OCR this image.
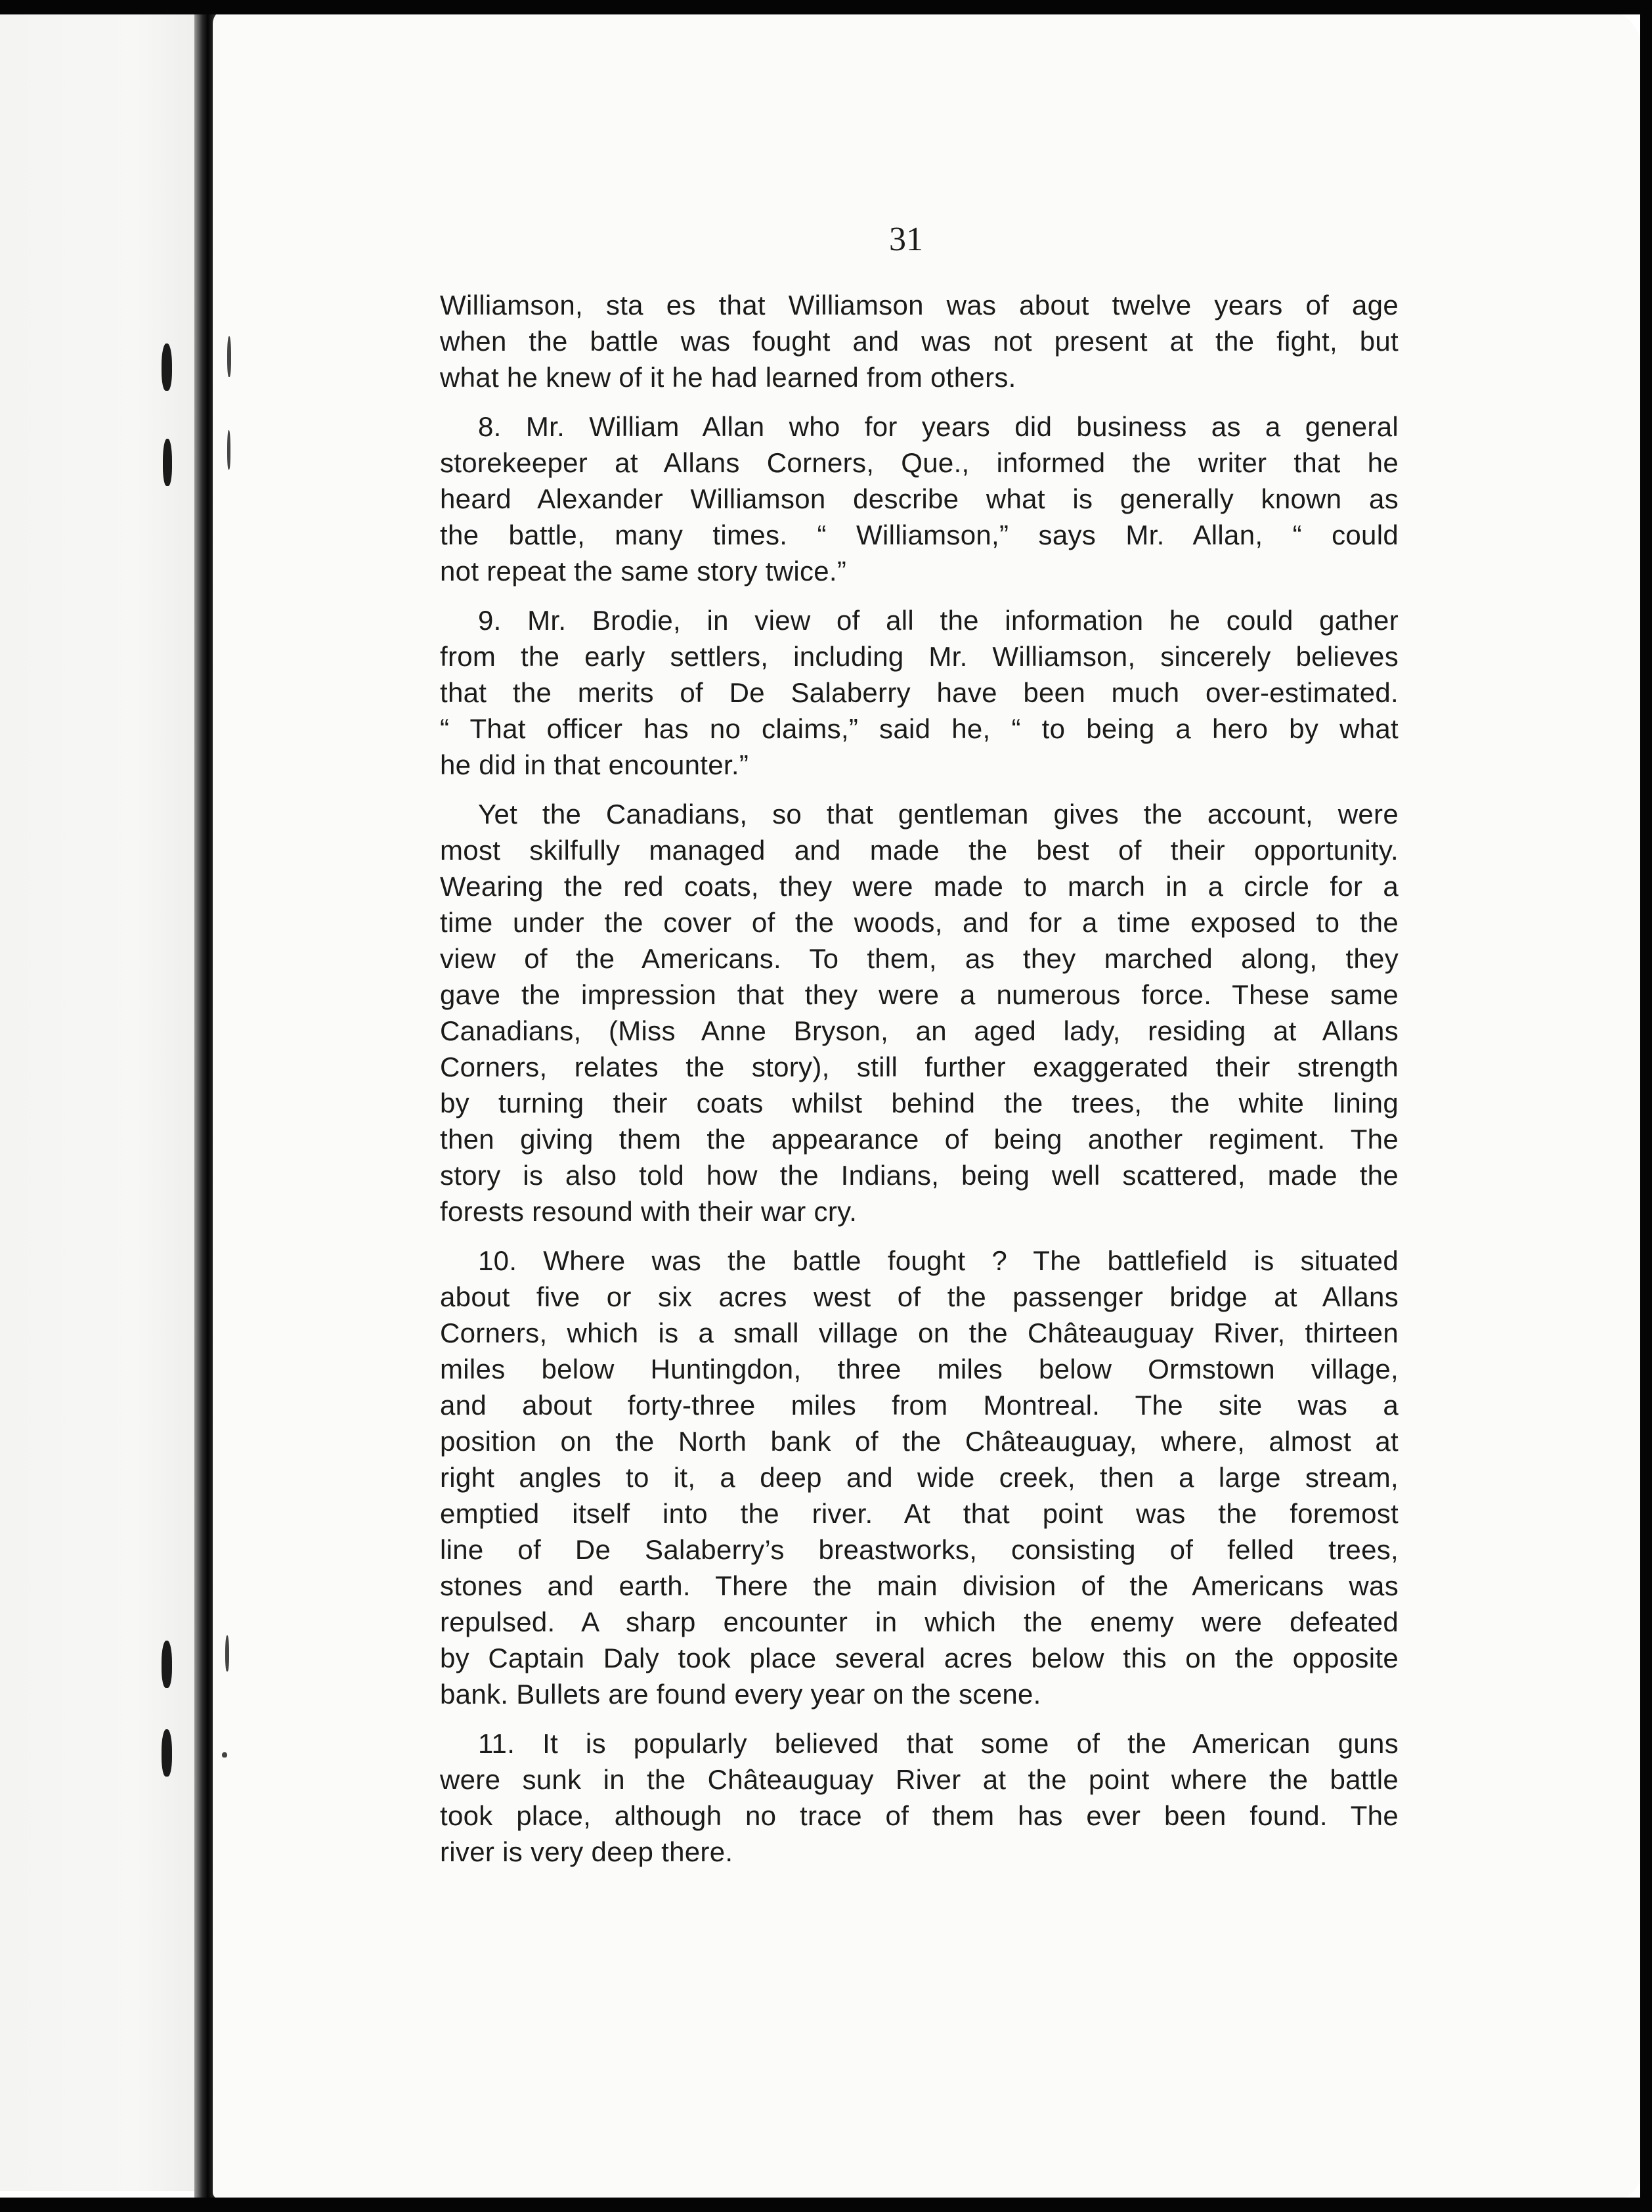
31

Williamson, sta es that Williamson was about twelve years of age
when the battle was fought and was not present at the fight, but
what he knew of it he had learned from others.
8. Mr. William Allan who for years did business as a general
storekeeper at Allans Corners, Que., informed the writer that he
heard Alexander Williamson describe what is generally known as
the battle, many times. “ Williamson,” says Mr. Allan, “ could
not repeat the same story twice.”
9. Mr. Brodie, in view of all the information he could gather
from the early settlers, including Mr. Williamson, sincerely believes
that the merits of De Salaberry have been much over-estimated.
“ That officer has no claims,” said he, “ to being a hero by what
he did in that encounter.”
Yet the Canadians, so that gentleman gives the account, were
most skilfully managed and made the best of their opportunity.
Wearing the red coats, they were made to march in a circle for a
time under the cover of the woods, and for a time exposed to the
view of the Americans. To them, as they marched along, they
gave the impression that they were a numerous force. These same
Canadians, (Miss Anne Bryson, an aged lady, residing at Allans
Corners, relates the story), still further exaggerated their strength
by turning their coats whilst behind the trees, the white lining
then giving them the appearance of being another regiment. The
story is also told how the Indians, being well scattered, made the
forests resound with their war cry.
10. Where was the battle fought ? The battlefield is situated
about five or six acres west of the passenger bridge at Allans
Corners, which is a small village on the Châteauguay River, thirteen
miles below Huntingdon, three miles below Ormstown village,
and about forty-three miles from Montreal. The site was a
position on the North bank of the Châteauguay, where, almost at
right angles to it, a deep and wide creek, then a large stream,
emptied itself into the river. At that point was the foremost
line of De Salaberry’s breastworks, consisting of felled trees,
stones and earth. There the main division of the Americans was
repulsed. A sharp encounter in which the enemy were defeated
by Captain Daly took place several acres below this on the opposite
bank. Bullets are found every year on the scene.
11. It is popularly believed that some of the American guns
were sunk in the Châteauguay River at the point where the battle
took place, although no trace of them has ever been found. The
river is very deep there.
